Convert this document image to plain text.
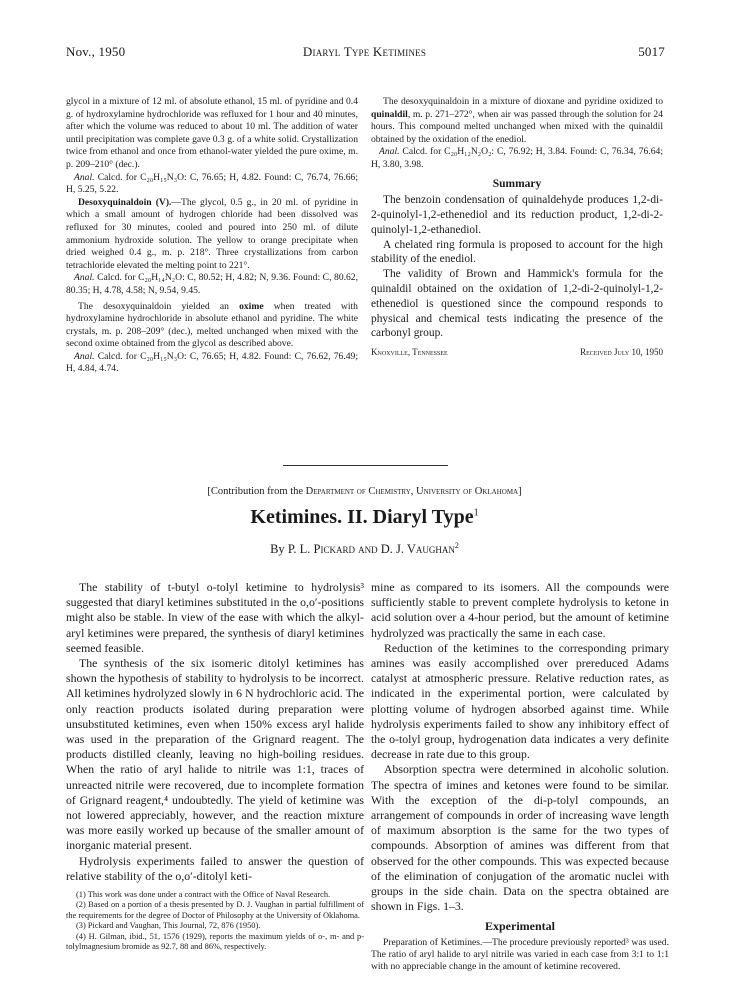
Nov., 1950	Diaryl Type Ketimines	5017

glycol in a mixture of 12 ml. of absolute ethanol, 15 ml. of pyridine and 0.4 g. of hydroxylamine hydrochloride was refluxed for 1 hour and 40 minutes, after which the volume was reduced to about 10 ml. The addition of water until precipitation was complete gave 0.3 g. of a white solid. Crystallization twice from ethanol and once from ethanol-water yielded the pure oxime, m. p. 209–210° (dec.).

Anal. Calcd. for C₂₀H₁₅N₃O: C, 76.65; H, 4.82. Found: C, 76.74, 76.66; H, 5.25, 5.22.

Desoxyquinaldoin (V).—The glycol, 0.5 g., in 20 ml. of pyridine in which a small amount of hydrogen chloride had been dissolved was refluxed for 30 minutes, cooled and poured into 250 ml. of dilute ammonium hydroxide solution. The yellow to orange precipitate when dried weighed 0.4 g., m. p. 218°. Three crystallizations from carbon tetrachloride elevated the melting point to 221°.

Anal. Calcd. for C₂₀H₁₄N₂O: C, 80.52; H, 4.82; N, 9.36. Found: C, 80.62, 80.35; H, 4.78, 4.58; N, 9.54, 9.45.

The desoxyquinaldoin yielded an oxime when treated with hydroxylamine hydrochloride in absolute ethanol and pyridine. The white crystals, m. p. 208–209° (dec.), melted unchanged when mixed with the second oxime obtained from the glycol as described above.

Anal. Calcd. for C₂₀H₁₅N₃O: C, 76.65; H, 4.82. Found: C, 76.62, 76.49; H, 4.84, 4.74.

The desoxyquinaldoin in a mixture of dioxane and pyridine oxidized to quinaldil, m. p. 271–272°, when air was passed through the solution for 24 hours. This compound melted unchanged when mixed with the quinaldil obtained by the oxidation of the enediol.

Anal. Calcd. for C₂₀H₁₂N₂O₂: C, 76.92; H, 3.84. Found: C, 76.34, 76.64; H, 3.80, 3.98.

Summary

The benzoin condensation of quinaldehyde produces 1,2-di-2-quinolyl-1,2-ethenediol and its reduction product, 1,2-di-2-quinolyl-1,2-ethanediol.

A chelated ring formula is proposed to account for the high stability of the enediol.

The validity of Brown and Hammick's formula for the quinaldil obtained on the oxidation of 1,2-di-2-quinolyl-1,2-ethenediol is questioned since the compound responds to physical and chemical tests indicating the presence of the carbonyl group.

Knoxville, Tennessee	Received July 10, 1950
[Contribution from the Department of Chemistry, University of Oklahoma]
Ketimines. II. Diaryl Type$^1$
By P. L. Pickard and D. J. Vaughan$^2$

The stability of t-butyl o-tolyl ketimine to hydrolysis³ suggested that diaryl ketimines substituted in the o,o′-positions might also be stable. In view of the ease with which the alkyl-aryl ketimines were prepared, the synthesis of diaryl ketimines seemed feasible.

The synthesis of the six isomeric ditolyl ketimines has shown the hypothesis of stability to hydrolysis to be incorrect. All ketimines hydrolyzed slowly in 6 N hydrochloric acid. The only reaction products isolated during preparation were unsubstituted ketimines, even when 150% excess aryl halide was used in the preparation of the Grignard reagent. The products distilled cleanly, leaving no high-boiling residues. When the ratio of aryl halide to nitrile was 1:1, traces of unreacted nitrile were recovered, due to incomplete formation of Grignard reagent,⁴ undoubtedly. The yield of ketimine was not lowered appreciably, however, and the reaction mixture was more easily worked up because of the smaller amount of inorganic material present.

Hydrolysis experiments failed to answer the question of relative stability of the o,o′-ditolyl keti-

(1) This work was done under a contract with the Office of Naval Research.

(2) Based on a portion of a thesis presented by D. J. Vaughan in partial fulfillment of the requirements for the degree of Doctor of Philosophy at the University of Oklahoma.

(3) Pickard and Vaughan, This Journal, 72, 876 (1950).

(4) H. Gilman, ibid., 51, 1576 (1929), reports the maximum yields of o-, m- and p-tolylmagnesium bromide as 92.7, 88 and 86%, respectively.

mine as compared to its isomers. All the compounds were sufficiently stable to prevent complete hydrolysis to ketone in acid solution over a 4-hour period, but the amount of ketimine hydrolyzed was practically the same in each case.

Reduction of the ketimines to the corresponding primary amines was easily accomplished over prereduced Adams catalyst at atmospheric pressure. Relative reduction rates, as indicated in the experimental portion, were calculated by plotting volume of hydrogen absorbed against time. While hydrolysis experiments failed to show any inhibitory effect of the o-tolyl group, hydrogenation data indicates a very definite decrease in rate due to this group.

Absorption spectra were determined in alcoholic solution. The spectra of imines and ketones were found to be similar. With the exception of the di-p-tolyl compounds, an arrangement of compounds in order of increasing wave length of maximum absorption is the same for the two types of compounds. Absorption of amines was different from that observed for the other compounds. This was expected because of the elimination of conjugation of the aromatic nuclei with groups in the side chain. Data on the spectra obtained are shown in Figs. 1–3.

Experimental

Preparation of Ketimines.—The procedure previously reported³ was used. The ratio of aryl halide to aryl nitrile was varied in each case from 3:1 to 1:1 with no appreciable change in the amount of ketimine recovered.
